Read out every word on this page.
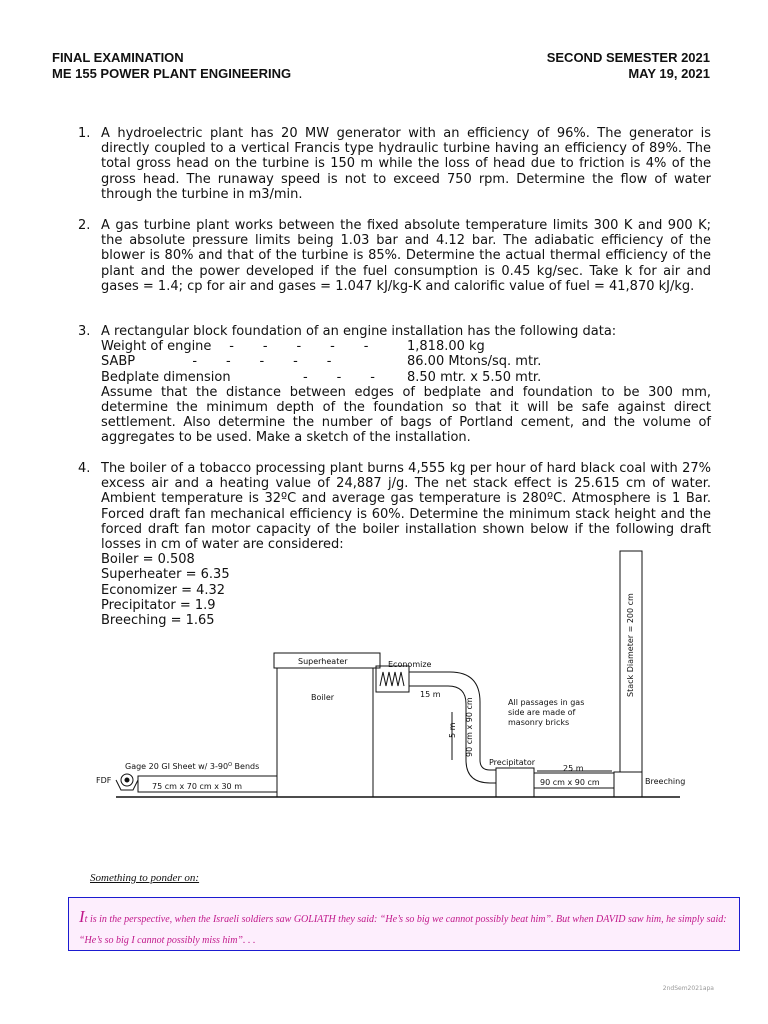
FINAL EXAMINATION
ME 155 POWER PLANT ENGINEERING
SECOND SEMESTER 2021
MAY 19, 2021
1. A hydroelectric plant has 20 MW generator with an efficiency of 96%. The generator is directly coupled to a vertical Francis type hydraulic turbine having an efficiency of 89%. The total gross head on the turbine is 150 m while the loss of head due to friction is 4% of the gross head. The runaway speed is not to exceed 750 rpm. Determine the flow of water through the turbine in m3/min.

2. A gas turbine plant works between the fixed absolute temperature limits 300 K and 900 K; the absolute pressure limits being 1.03 bar and 4.12 bar. The adiabatic efficiency of the blower is 80% and that of the turbine is 85%. Determine the actual thermal efficiency of the plant and the power developed if the fuel consumption is 0.45 kg/sec. Take k for air and gases = 1.4; cp for air and gases = 1.047 kJ/kg-K and calorific value of fuel = 41,870 kJ/kg.

3. A rectangular block foundation of an engine installation has the following data:

Weight of engine -       -       -       -       -	1,818.00 kg
SABP	-       -       -       -       -	86.00 Mtons/sq. mtr.
Bedplate dimension -       -       -	8.50 mtr. x 5.50 mtr.

Assume that the distance between edges of bedplate and foundation to be 300 mm, determine the minimum depth of the foundation so that it will be safe against direct settlement. Also determine the number of bags of Portland cement, and the volume of aggregates to be used. Make a sketch of the installation.

4. The boiler of a tobacco processing plant burns 4,555 kg per hour of hard black coal with 27% excess air and a heating value of 24,887 j/g. The net stack effect is 25.615 cm of water. Ambient temperature is 32ºC and average gas temperature is 280ºC. Atmosphere is 1 Bar. Forced draft fan mechanical efficiency is 60%. Determine the minimum stack height and the forced draft fan motor capacity of the boiler installation shown below if the following draft losses in cm of water are considered:

Boiler = 0.508
Superheater = 6.35
Economizer = 4.32
Precipitator = 1.9
Breeching = 1.65
Superheater	Economize
Boiler	15 m
5 m 90 cm x 90 cm	All passages in gas
side are made of
masonry bricks
Precipitator
25 m
90 cm x 90 cm	Breeching
Stack Diameter = 200 cm
Gage 20 GI Sheet w/ $3-90^O$ Bends
FDF
75 cm x 70 cm x 30 m
Something to ponder on:
It is in the perspective, when the Israeli soldiers saw GOLIATH they said: “He’s so big we cannot possibly beat him”. But when DAVID saw him, he simply said: “He’s so big I cannot possibly miss him”. . .
2ndSem2021apa
